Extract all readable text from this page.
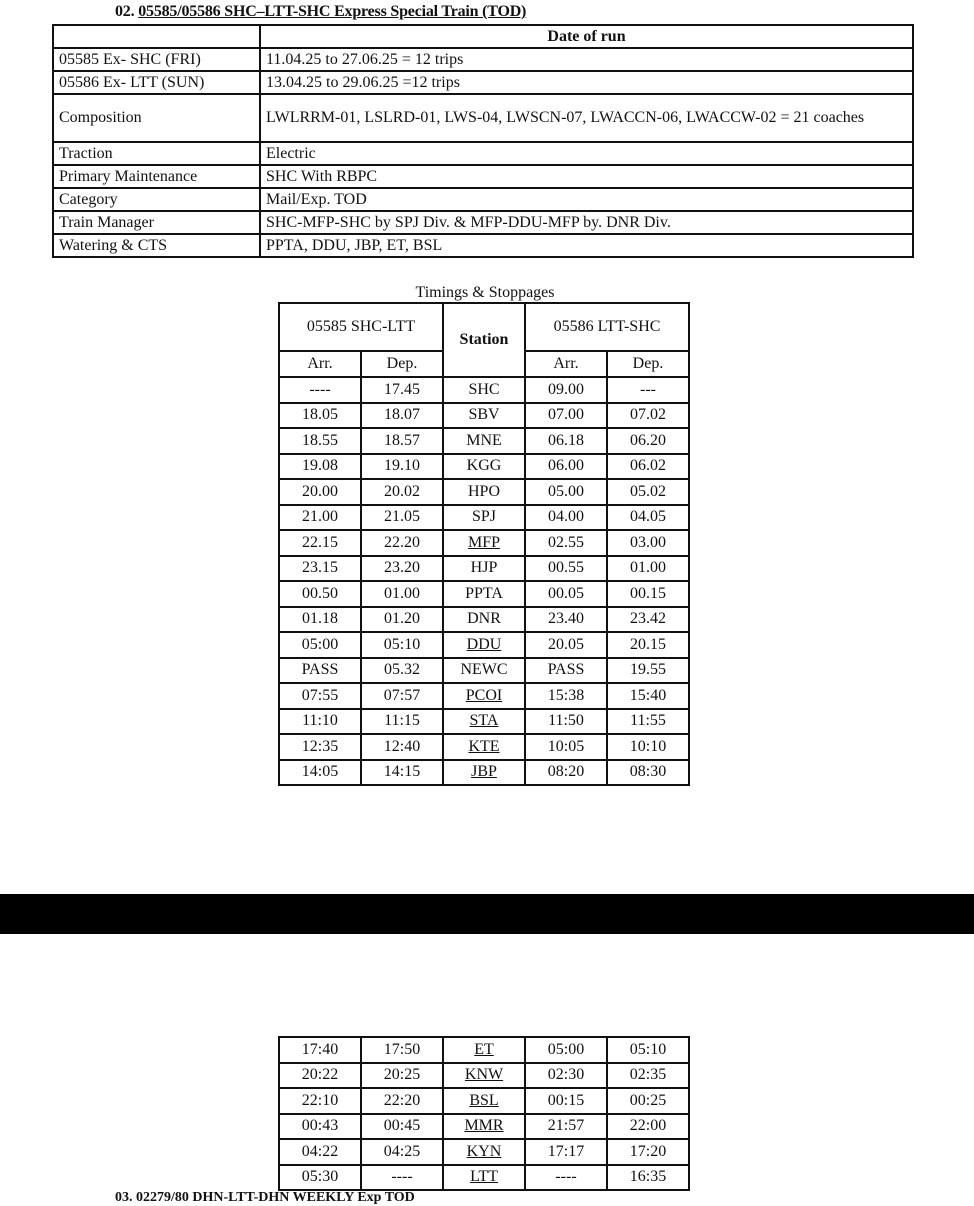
02. 05585/05586 SHC–LTT-SHC Express Special Train (TOD)
	Date of run
05585 Ex- SHC (FRI)	11.04.25 to 27.06.25 = 12 trips
05586 Ex- LTT (SUN)	13.04.25 to 29.06.25 =12 trips
Composition	LWLRRM-01, LSLRD-01, LWS-04, LWSCN-07, LWACCN-06, LWACCW-02 = 21 coaches
Traction	Electric
Primary Maintenance	SHC With RBPC
Category	Mail/Exp. TOD
Train Manager	SHC-MFP-SHC by SPJ Div. & MFP-DDU-MFP by. DNR Div.
Watering & CTS	PPTA, DDU, JBP, ET, BSL
Timings & Stoppages
05585 SHC-LTT		Station	05586 LTT-SHC	
Arr.	Dep.		Arr.	Dep.
----	17.45	SHC	09.00	---
18.05	18.07	SBV	07.00	07.02
18.55	18.57	MNE	06.18	06.20
19.08	19.10	KGG	06.00	06.02
20.00	20.02	HPO	05.00	05.02
21.00	21.05	SPJ	04.00	04.05
22.15	22.20	MFP	02.55	03.00
23.15	23.20	HJP	00.55	01.00
00.50	01.00	PPTA	00.05	00.15
01.18	01.20	DNR	23.40	23.42
05:00	05:10	DDU	20.05	20.15
PASS	05.32	NEWC	PASS	19.55
07:55	07:57	PCOI	15:38	15:40
11:10	11:15	STA	11:50	11:55
12:35	12:40	KTE	10:05	10:10
14:05	14:15	JBP	08:20	08:30
17:40	17:50	ET	05:00	05:10
20:22	20:25	KNW	02:30	02:35
22:10	22:20	BSL	00:15	00:25
00:43	00:45	MMR	21:57	22:00
04:22	04:25	KYN	17:17	17:20
05:30	----	LTT	----	16:35
03. 02279/80 DHN-LTT-DHN WEEKLY Exp TOD
